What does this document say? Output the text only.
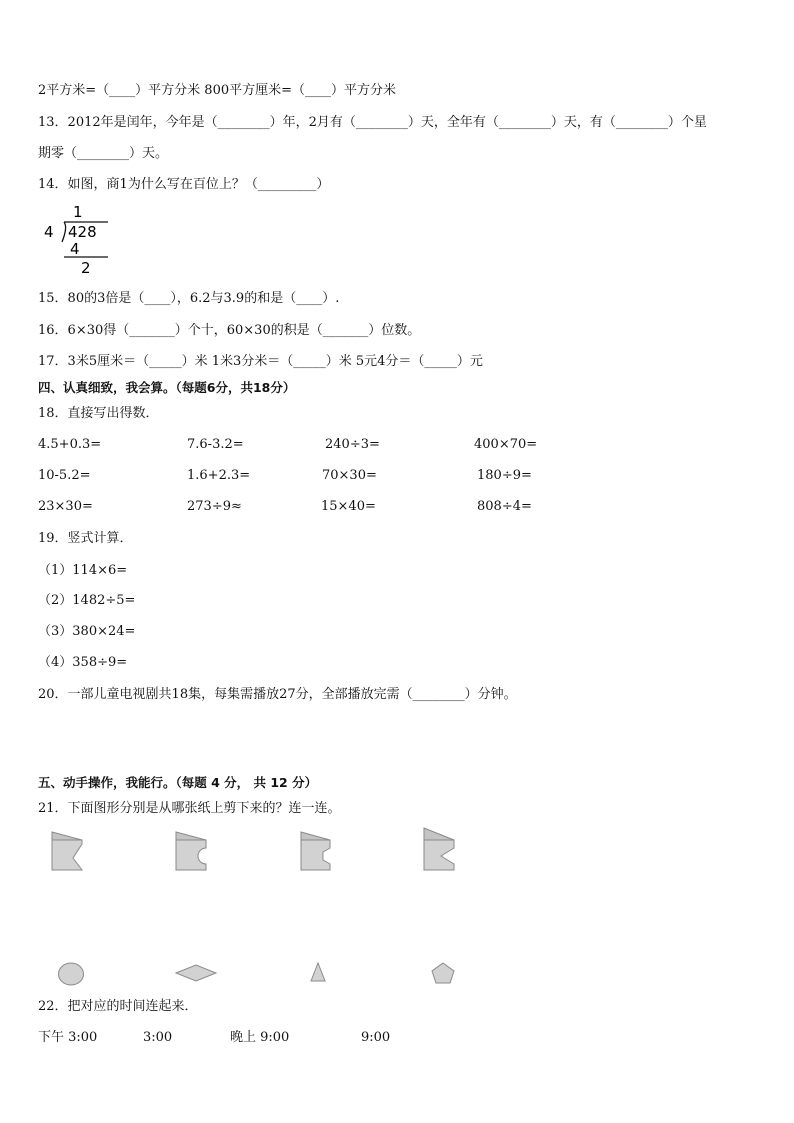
2平方米=（____）平方分米 800平方厘米=（____）平方分米
13．2012年是闰年，今年是（________）年，2月有（________）天，全年有（________）天，有（________）个星
期零（________）天。
14．如图，商1为什么写在百位上？（_________）
1
4 428
4
2
15．80的3倍是（____），6.2与3.9的和是（____）.
16．6×30得（_______）个十，60×30的积是（_______）位数。
17．3米5厘米＝（_____）米 1米3分米＝（_____）米 5元4分＝（_____）元
四、认真细致，我会算。（每题6分，共18分）
18．直接写出得数．
4.5+0.3=	7.6-3.2=	240÷3=	400×70=
10-5.2=	1.6+2.3=	70×30=	180÷9=
23×30=	273÷9≈	15×40=	808÷4=
19．竖式计算．
（1）114×6=
（2）1482÷5=
（3）380×24=
（4）358÷9=
20．一部儿童电视剧共18集，每集需播放27分，全部播放完需（________）分钟。
五、动手操作，我能行。（每题 4 分， 共 12 分）
21．下面图形分别是从哪张纸上剪下来的？连一连。
22．把对应的时间连起来．
下午 3:00	3:00	晚上 9:00	9:00
